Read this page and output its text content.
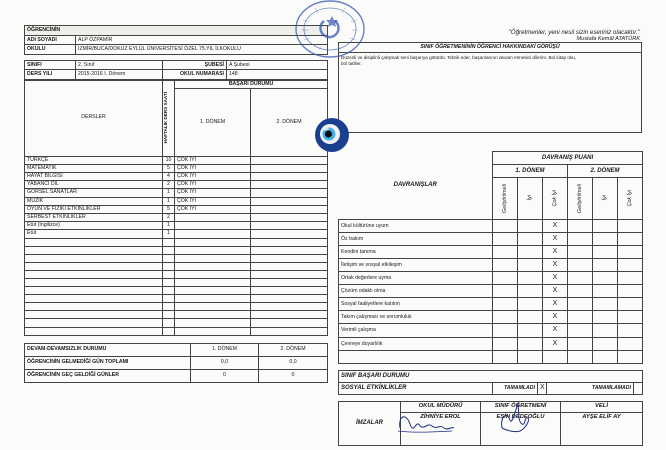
ÖĞRENCİNİN			
ADI SOYADI	ALP ÖZPAMİR		
OKULU	İZMİR/BUCA/DOKUZ EYLÜL ÜNİVERSİTESİ ÖZEL 75.YIL İLKOKULU		

SINIFI	2. Sınıf	ŞUBESİ	A Şubesi
DERS YILI	2015-2016 I. Dönem	OKUL NUMARASI	148
DERSLER	HAFTALIK DERS SAATİ	BAŞARI DURUMU	
		1. DÖNEM	2. DÖNEM
TÜRKÇE	10	ÇOK İYİ	
MATEMATİK	5	ÇOK İYİ	
HAYAT BİLGİSİ	4	ÇOK İYİ	
YABANCI DİL	2	ÇOK İYİ	
GÖRSEL SANATLAR	1	ÇOK İYİ	
MÜZİK	1	ÇOK İYİ	
OYUN VE FİZİKİ ETKİNLİKLER	5	ÇOK İYİ	
SERBEST ETKİNLİKLER	2		
Etüt (İngilizce)	1		
Etüt	1		

DEVAM-DEVAMSIZLIK DURUMU	1. DÖNEM	2. DÖNEM
ÖĞRENCİNİN GELMEDİĞİ GÜN TOPLAMI	0,0	0,0
ÖĞRENCİNİN GEÇ GELDİĞİ GÜNLER	0	0
SINIF ÖĞRETMENİNİN ÖĞRENCİ HAKKINDAKİ GÖRÜŞÜ
Düzenli ve disiplinli çalışmak seni başarıya götürdü. Tebrik eder, başarılarının devam etmesini dilerim. Bol kitap oku,
bol tatiller.
DAVRANIŞLAR	DAVRANIŞ PUANI					
	1. DÖNEM			2. DÖNEM		

	Geliştirilmeli	İyi	Çok İyi	Geliştirilmeli	İyi	Çok İyi

Okul kültürüne uyum			X			
Öz bakım			X			
Kendini tanıma			X			
İletişim ve sosyal etkileşim			X			
Ortak değerlere uyma			X			
Çözüm odaklı olma			X			
Sosyal faaliyetlere katılım			X			
Takım çalışması ve sorumluluk			X			
Verimli çalışma			X			
Çevreye duyarlılık			X			

SINIF BAŞARI DURUMU
SOSYAL ETKİNLİKLER	TAMAMLADI	X	TAMAMLAMADI	
İMZALAR	OKUL MÜDÜRÜ	SINIF ÖĞRETMENİ	VELİ
	ZİHNİYE EROL	ESİN DEDEOĞLU	AYŞE ELİF AY
"Öğretmenler, yeni nesil sizin eseriniz olacaktır."
Mustafa Kemâl ATATÜRK
